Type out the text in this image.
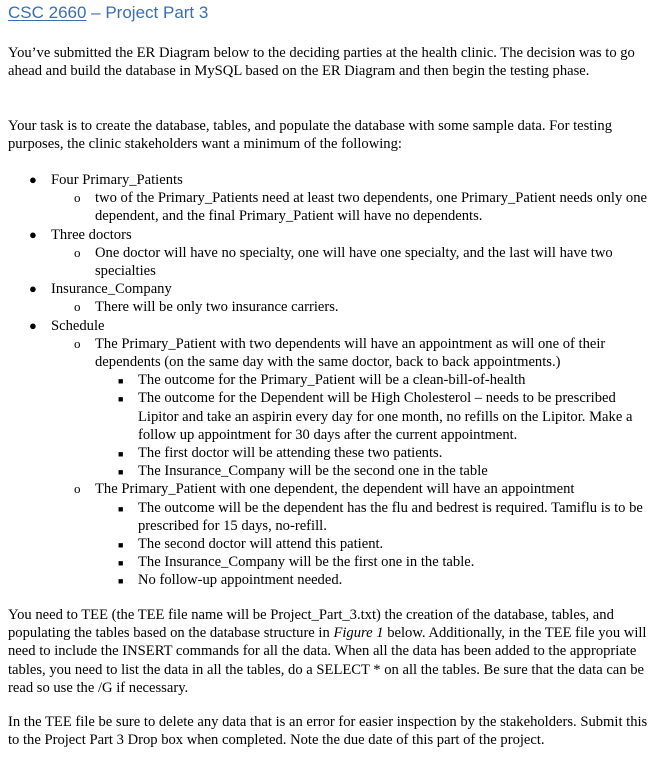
CSC 2660 – Project Part 3

You’ve submitted the ER Diagram below to the deciding parties at the health clinic. The decision was to go ahead and build the database in MySQL based on the ER Diagram and then begin the testing phase.

Your task is to create the database, tables, and populate the database with some sample data. For testing purposes, the clinic stakeholders want a minimum of the following:

● Four Primary_Patients
o two of the Primary_Patients need at least two dependents, one Primary_Patient needs only one dependent, and the final Primary_Patient will have no dependents.
● Three doctors
o One doctor will have no specialty, one will have one specialty, and the last will have two specialties
● Insurance_Company
o There will be only two insurance carriers.
● Schedule
o The Primary_Patient with two dependents will have an appointment as will one of their dependents (on the same day with the same doctor, back to back appointments.)
■ The outcome for the Primary_Patient will be a clean-bill-of-health
■ The outcome for the Dependent will be High Cholesterol – needs to be prescribed Lipitor and take an aspirin every day for one month, no refills on the Lipitor. Make a follow up appointment for 30 days after the current appointment.
■ The first doctor will be attending these two patients.
■ The Insurance_Company will be the second one in the table
o The Primary_Patient with one dependent, the dependent will have an appointment
■ The outcome will be the dependent has the flu and bedrest is required. Tamiflu is to be prescribed for 15 days, no-refill.
■ The second doctor will attend this patient.
■ The Insurance_Company will be the first one in the table.
■ No follow-up appointment needed.

You need to TEE (the TEE file name will be Project_Part_3.txt) the creation of the database, tables, and populating the tables based on the database structure in Figure 1 below. Additionally, in the TEE file you will need to include the INSERT commands for all the data. When all the data has been added to the appropriate tables, you need to list the data in all the tables, do a SELECT * on all the tables. Be sure that the data can be read so use the /G if necessary.

In the TEE file be sure to delete any data that is an error for easier inspection by the stakeholders. Submit this to the Project Part 3 Drop box when completed. Note the due date of this part of the project.
